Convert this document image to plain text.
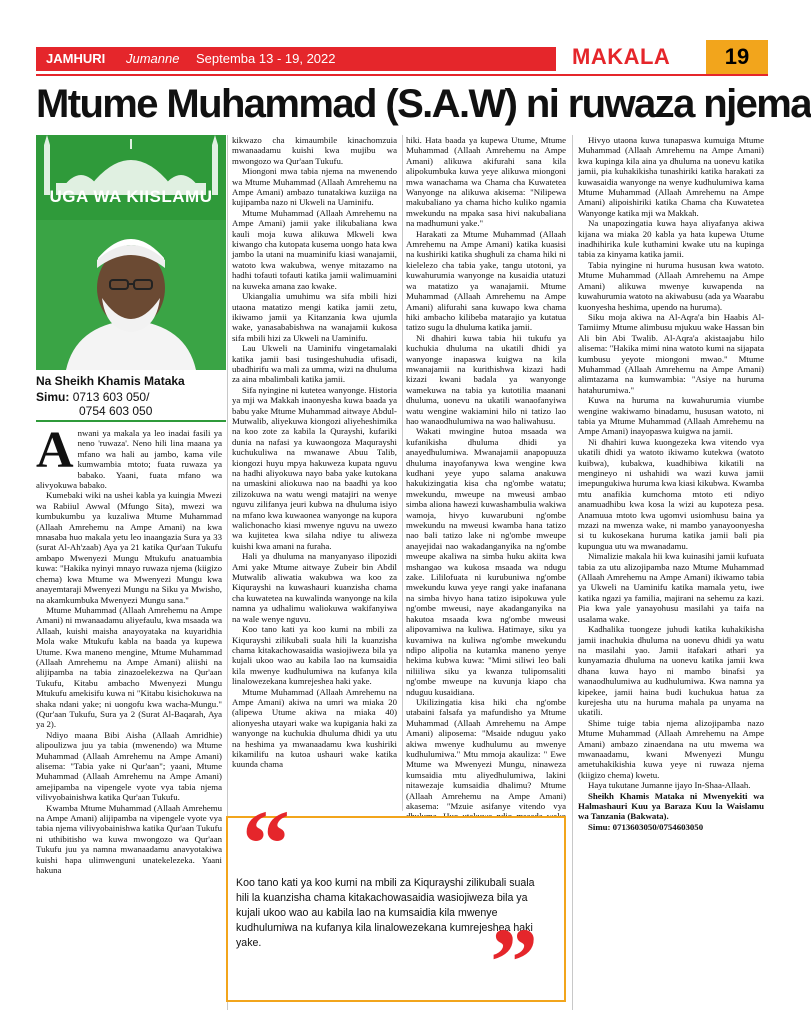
JAMHURI Jumanne Septemba 13 - 19, 2022	MAKALA	19
Mtume Muhammad (S.A.W) ni ruwaza njema
UGA WA KIISLAMU
Na Sheikh Khamis Mataka
Simu: 0713 603 050/
0754 603 050

Anwani ya makala ya leo inadai fasili ya neno 'ruwaza'. Neno hili lina maana ya mfano wa hali au jambo, kama vile kumwambia mtoto; fuata ruwaza ya babako. Yaani, fuata mfano wa alivyokuwa babako.

Kumebaki wiki na ushei kabla ya kuingia Mwezi wa Rabiiul Awwal (Mfungo Sita), mwezi wa kumbukumbu ya kuzaliwa Mtume Muhammad (Allaah Amrehemu na Ampe Amani) na kwa mnasaba huo makala yetu leo inaangazia Sura ya 33 (surat Al-Ah'zaab) Aya ya 21 katika Qur'aan Tukufu ambapo Mwenyezi Mungu Mtukufu anatuambia kuwa: "Hakika nyinyi mnayo ruwaza njema (kiigizo chema) kwa Mtume wa Mwenyezi Mungu kwa anayemtaraji Mwenyezi Mungu na Siku ya Mwisho, na akamkumbuka Mwenyezi Mungu sana."

Mtume Muhammad (Allaah Amrehemu na Ampe Amani) ni mwanaadamu aliyefaulu, kwa msaada wa Allaah, kuishi maisha anayoyataka na kuyaridhia Mola wake Mtukufu kabla na baada ya kupewa Utume. Kwa maneno mengine, Mtume Muhammad (Allaah Amrehemu na Ampe Amani) aliishi na alijipamba na tabia zinazoelekezwa na Qur'aan Tukufu, Kitabu ambacho Mwenyezi Mungu Mtukufu amekisifu kuwa ni "Kitabu kisichokuwa na shaka ndani yake; ni uongofu kwa wacha-Mungu." (Qur'aan Tukufu, Sura ya 2 (Surat Al-Baqarah, Aya ya 2).

Ndiyo maana Bibi Aisha (Allaah Amridhie) alipoulizwa juu ya tabia (mwenendo) wa Mtume Muhammad (Allaah Amrehemu na Ampe Amani) alisema: "Tabia yake ni Qur'aan"; yaani, Mtume Muhammad (Allaah Amrehemu na Ampe Amani) amejipamba na vipengele vyote vya tabia njema vilivyobainishwa katika Qur'aan Tukufu.

Kwamba Mtume Muhammad (Allaah Amrehemu na Ampe Amani) alijipamba na vipengele vyote vya tabia njema vilivyobainishwa katika Qur'aan Tukufu ni uthibitisho wa kuwa mwongozo wa Qur'aan Tukufu juu ya namna mwanaadamu anavyotakiwa kuishi hapa ulimwenguni unatekelezeka. Yaani hakuna

kikwazo cha kimaumbile kinachomzuia mwanaadamu kuishi kwa mujibu wa mwongozo wa Qur'aan Tukufu.

Miongoni mwa tabia njema na mwenendo wa Mtume Muhammad (Allaah Amrehemu na Ampe Amani) ambazo tunatakiwa kuziiga na kujipamba nazo ni Ukweli na Uaminifu.

Mtume Muhammad (Allaah Amrehemu na Ampe Amani) jamii yake ilikubaliana kwa kauli moja kuwa alikuwa Mkweli kwa kiwango cha kutopata kusema uongo hata kwa jambo la utani na muaminifu kiasi wanajamii, watoto kwa wakubwa, wenye mitazamo na hadhi tofauti tofauti katika jamii walimuamini na kuweka amana zao kwake.

Ukiangalia umuhimu wa sifa mbili hizi utaona matatizo mengi katika jamii zetu, ikiwamo jamii ya Kitanzania kwa ujumla wake, yanasababishwa na wanajamii kukosa sifa mbili hizi za Ukweli na Uaminifu.

Lau Ukweli na Uaminifu vingetamalaki katika jamii basi tusingeshuhudia ufisadi, ubadhirifu wa mali za umma, wizi na dhuluma za aina mbalimbali katika jamii.

Sifa nyingine ni kutetea wanyonge. Historia ya mji wa Makkah inaonyesha kuwa baada ya babu yake Mtume Muhammad aitwaye Abdul-Mutwalib, aliyekuwa kiongozi aliyeheshimika na koo zote za kabila la Qurayshi, kufariki dunia na nafasi ya kuwaongoza Maqurayshi kuchukuliwa na mwanawe Abuu Talib, kiongozi huyu mpya hakuweza kupata nguvu na hadhi aliyokuwa nayo baba yake kutokana na umaskini aliokuwa nao na baadhi ya koo zilizokuwa na watu wengi matajiri na wenye nguvu zilifanya jeuri kubwa na dhuluma isiyo na mfano kwa kuwaonea wanyonge na kupora walichonacho kiasi mwenye nguvu na uwezo wa kujitetea kwa silaha ndiye tu aliweza kuishi kwa amani na furaha.

Hali ya dhuluma na manyanyaso ilipozidi Ami yake Mtume aitwaye Zubeir bin Abdil Mutwalib aliwatia wakubwa wa koo za Kiqurayshi na kuwashauri kuanzisha chama cha kuwatetea na kuwalinda wanyonge na kila namna ya udhalimu waliokuwa wakifanyiwa na wale wenye nguvu.

Koo tano kati ya koo kumi na mbili za Kiqurayshi zilikubali suala hili la kuanzisha chama kitakachowasaidia wasiojiweza bila ya kujali ukoo wao au kabila lao na kumsaidia kila mwenye kudhulumiwa na kufanya kila linalowezekana kumrejeshea haki yake.

Mtume Muhammad (Allaah Amrehemu na Ampe Amani) akiwa na umri wa miaka 20 (alipewa Utume akiwa na miaka 40) alionyesha utayari wake wa kupigania haki za wanyonge na kuchukia dhuluma dhidi ya utu na heshima ya mwanaadamu kwa kushiriki kikamilifu na kutoa ushauri wake katika kuunda chama

hiki. Hata baada ya kupewa Utume, Mtume Muhammad (Allaah Amrehemu na Ampe Amani) alikuwa akifurahi sana kila alipokumbuka kuwa yeye alikuwa miongoni mwa wanachama wa Chama cha Kuwatetea Wanyonge na alikuwa akisema: "Nilipewa makubaliano ya chama hicho kuliko ngamia mwekundu na mpaka sasa hivi nakubaliana na madhumuni yake."

Harakati za Mtume Muhammad (Allaah Amrehemu na Ampe Amani) katika kuasisi na kushiriki katika shughuli za chama hiki ni kielelezo cha tabia yake, tangu utotoni, ya kuwahurumia wanyonge na kusaidia utatuzi wa matatizo ya wanajamii. Mtume Muhammad (Allaah Amrehemu na Ampe Amani) alifurahi sana kuwapo kwa chama hiki ambacho kilibeba matarajio ya kutatua tatizo sugu la dhuluma katika jamii.

Ni dhahiri kuwa tabia hii tukufu ya kuchukia dhuluma na ukatili dhidi ya wanyonge inapaswa kuigwa na kila mwanajamii na kurithishwa kizazi hadi kizazi kwani badala ya wanyonge wamekuwa na tabia ya kutotilia maanani dhuluma, uonevu na ukatili wanaofanyiwa watu wengine wakiamini hilo ni tatizo lao hao wanaodhulumiwa na wao haliwahusu.

Wakati mwingine hutoa msaada wa kufanikisha dhuluma dhidi ya anayedhulumiwa. Mwanajamii anapopuuza dhuluma inayofanywa kwa wengine kwa kudhani yeye yupo salama anakuwa hakukizingatia kisa cha ng'ombe watatu; mwekundu, mweupe na mweusi ambao simba aliona hawezi kuwashambulia wakiwa wamoja, hivyo kuwarubuni ng'ombe mwekundu na mweusi kwamba hana tatizo nao bali tatizo lake ni ng'ombe mweupe anayejidai nao wakadanganyika na ng'ombe mweupe akaliwa na simba huku akiita kwa mshangao wa kukosa msaada wa ndugu zake. Lililofuata ni kurubuniwa ng'ombe mwekundu kuwa yeye rangi yake inafanana na simba hivyo hana tatizo isipokuwa yule ng'ombe mweusi, naye akadanganyika na hakutoa msaada kwa ng'ombe mweusi alipovamiwa na kuliwa. Hatimaye, siku ya kuvamiwa na kuliwa ng'ombe mwekundu ndipo alipolia na kutamka maneno yenye hekima kubwa kuwa: "Mimi siliwi leo bali niliiliwa siku ya kwanza tulipomsaliti ng'ombe mweupe na kuvunja kiapo cha nduguu kusaidiana.

Ukilizingatia kisa hiki cha ng'ombe utabaini falsafa ya mafundisho ya Mtume Muhammad (Allaah Amrehemu na Ampe Amani) aliposema: "Msaide nduguu yako akiwa mwenye kudhulumu au mwenye kudhulumiwa." Mtu mmoja akauliza: " Ewe Mtume wa Mwenyezi Mungu, ninaweza kumsaidia mtu aliyedhulumiwa, lakini nitawezaje kumsaidia dhalimu? Mtume (Allaah Amrehemu na Ampe Amani) akasema: "Mzuie asifanye vitendo vya

Hivyo utaona kuwa tunapaswa kumuiga Mtume Muhammad (Allaah Amrehemu na Ampe Amani) kwa kupinga kila aina ya dhuluma na uonevu katika jamii, pia kuhakikisha tunashiriki katika harakati za kuwasaidia wanyonge na wenye kudhulumiwa kama Mtume Muhammad (Allaah Amrehemu na Ampe Amani) alipoishiriki katika Chama cha Kuwatetea Wanyonge katika mji wa Makkah.

Na unapozingatia kuwa haya aliyafanya akiwa kijana wa miaka 20 kabla ya hata kupewa Utume inadhihirika kule kuthamini kwake utu na kupinga tabia za kinyama katika jamii.

Tabia nyingine ni huruma hususan kwa watoto. Mtume Muhammad (Allaah Amrehemu na Ampe Amani) alikuwa mwenye kuwapenda na kuwahurumia watoto na akiwabusu (ada ya Waarabu kuonyesha heshima, upendo na huruma).

Siku moja akiwa na Al-Aqra'a bin Haabis Al-Tamiimy Mtume alimbusu mjukuu wake Hassan bin Ali bin Abi Twalib. Al-Aqra'a akistaajabu hilo alisema: "Hakika mimi nina watoto kumi na sijapata kumbusu yeyote miongoni mwao." Mtume Muhammad (Allaah Amrehemu na Ampe Amani) alimtazama na kumwambia: "Asiye na huruma hatahurumiwa."

Kuwa na huruma na kuwahurumia viumbe wengine wakiwamo binadamu, hususan watoto, ni tabia ya Mtume Muhammad (Allaah Amrehemu na Ampe Amani) inayopaswa kuigwa na jamii.

Ni dhahiri kuwa kuongezeka kwa vitendo vya ukatili dhidi ya watoto ikiwamo kutekwa (watoto kuibwa), kubakwa, kuadhibiwa kikatili na mengineyo ni ushahidi wa wazi kuwa jamii imepungukiwa huruma kwa kiasi kikubwa. Kwamba mtu anafikia kumchoma mtoto eti ndiyo anamuadhibu kwa kosa la wizi au kupoteza pesa. Anamuua mtoto kwa ugomvi usiomhusu baina ya mzazi na mwenza wake, ni mambo yanayoonyesha si tu kukosekana huruma katika jamii bali pia kupungua utu wa mwanadamu.

Nimalizie makala hii kwa kuinasihi jamii kufuata tabia za utu alizojipamba nazo Mtume Muhammad (Allaah Amrehemu na Ampe Amani) ikiwamo tabia ya Ukweli na Uaminifu katika mamala yetu, iwe katika ngazi ya familia, majirani na sehemu za kazi. Pia kwa yale yanayohusu masilahi ya taifa na usalama wake.

Kadhalika tuongeze juhudi katika kuhakikisha jamii inachukia dhuluma na uonevu dhidi ya watu na masilahi yao. Jamii itafakari athari ya kunyamazia dhuluma na uonevu katika jamii kwa dhana kuwa hayo ni mambo binafsi ya wanaodhulumiwa au kudhulumiwa. Kwa namna ya kipekee, jamii haina budi kuchukua hatua za kurejesha utu na huruma mahala pa unyama na ukatili.

Shime tuige tabia njema alizojipamba nazo Mtume Muhammad (Allaah Amrehemu na Ampe Amani) ambazo zinaendana na utu mwema wa mwanaadamu, kwani Mwenyezi Mungu ametuhakikishia kuwa yeye ni ruwaza njema (kiigizo chema) kwetu.

Haya tukutane Jumanne ijayo In-Shaa-Allaah.

Sheikh Khamis Mataka ni Mwenyekiti wa Halmashauri Kuu ya Baraza Kuu la Waislamu wa Tanzania (Bakwata).

Simu: 0713603050/0754603050

“
Koo tano kati ya koo kumi na mbili za Kiqurayshi zilikubali suala hili la kuanzisha chama kitakachowasaidia wasiojiweza bila ya kujali ukoo wao au kabila lao na kumsaidia kila mwenye kudhulumiwa na kufanya kila linalowezekana kumrejeshea haki yake.	”
